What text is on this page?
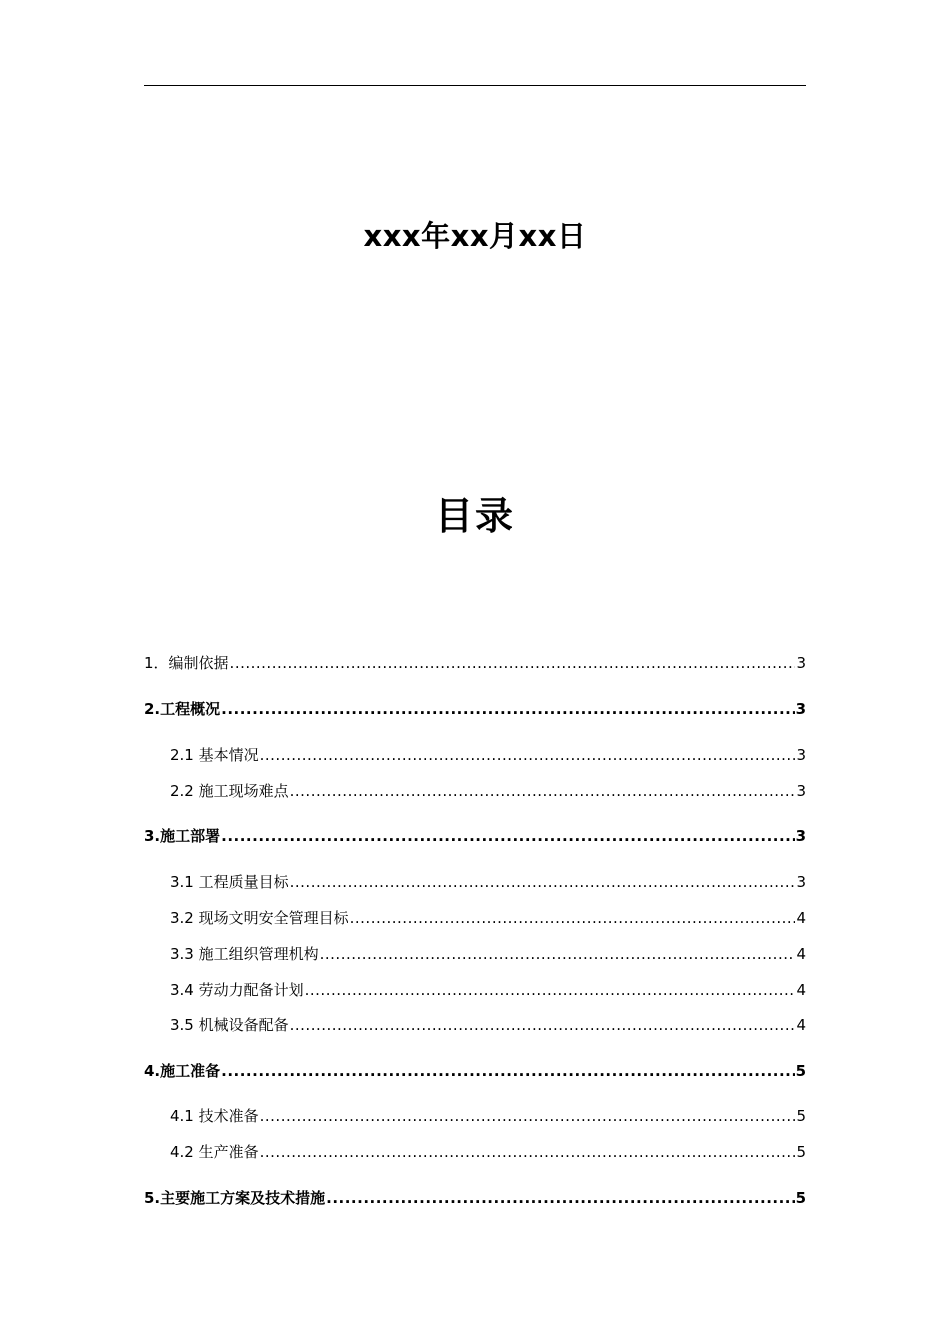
xxx年xx月xx日
目录
1．编制依据 .....	3
2.工程概况 .....	3
2.1 基本情况 .....	3
2.2 施工现场难点 .....	3
3.施工部署 .....	3
3.1 工程质量目标 .....	3
3.2 现场文明安全管理目标 .....	4
3.3 施工组织管理机构 .....	4
3.4 劳动力配备计划 .....	4
3.5 机械设备配备 .....	4
4.施工准备 .....	5
4.1 技术准备 .....	5
4.2 生产准备 .....	5
5.主要施工方案及技术措施 .....	5
